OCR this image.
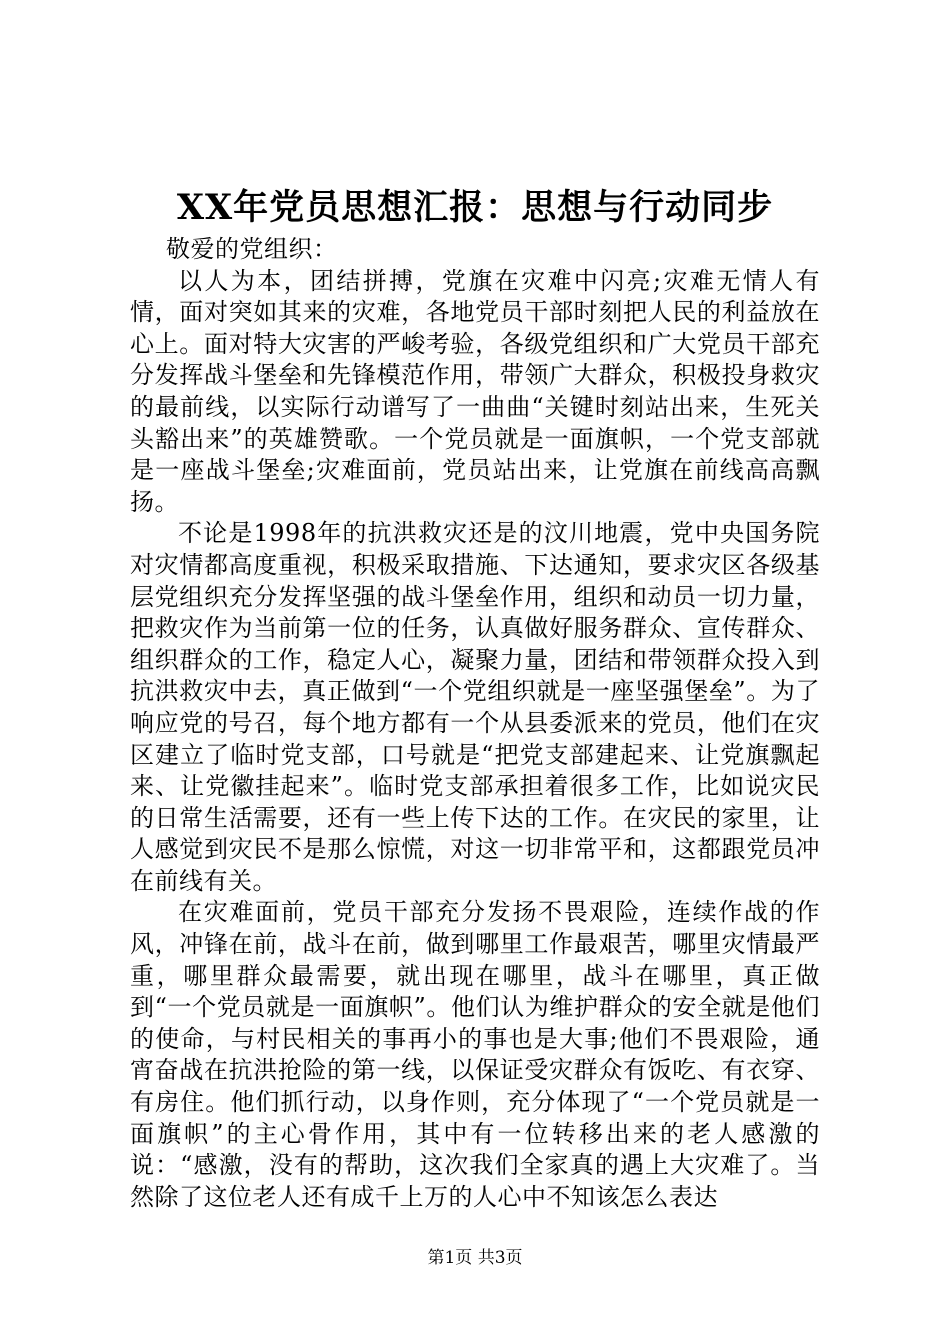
XX年党员思想汇报：思想与行动同步

敬爱的党组织：

以人为本，团结拼搏，党旗在灾难中闪亮;灾难无情人有情，面对突如其来的灾难，各地党员干部时刻把人民的利益放在心上。面对特大灾害的严峻考验，各级党组织和广大党员干部充分发挥战斗堡垒和先锋模范作用，带领广大群众，积极投身救灾的最前线，以实际行动谱写了一曲曲“关键时刻站出来，生死关头豁出来”的英雄赞歌。一个党员就是一面旗帜，一个党支部就是一座战斗堡垒;灾难面前，党员站出来，让党旗在前线高高飘扬。

不论是1998年的抗洪救灾还是的汶川地震，党中央国务院对灾情都高度重视，积极采取措施、下达通知，要求灾区各级基层党组织充分发挥坚强的战斗堡垒作用，组织和动员一切力量，把救灾作为当前第一位的任务，认真做好服务群众、宣传群众、组织群众的工作，稳定人心，凝聚力量，团结和带领群众投入到抗洪救灾中去，真正做到“一个党组织就是一座坚强堡垒”。为了响应党的号召，每个地方都有一个从县委派来的党员，他们在灾区建立了临时党支部，口号就是“把党支部建起来、让党旗飘起来、让党徽挂起来”。临时党支部承担着很多工作，比如说灾民的日常生活需要，还有一些上传下达的工作。在灾民的家里，让人感觉到灾民不是那么惊慌，对这一切非常平和，这都跟党员冲在前线有关。

在灾难面前，党员干部充分发扬不畏艰险，连续作战的作风，冲锋在前，战斗在前，做到哪里工作最艰苦，哪里灾情最严重，哪里群众最需要，就出现在哪里，战斗在哪里，真正做到“一个党员就是一面旗帜”。他们认为维护群众的安全就是他们的使命，与村民相关的事再小的事也是大事;他们不畏艰险，通宵奋战在抗洪抢险的第一线，以保证受灾群众有饭吃、有衣穿、有房住。他们抓行动，以身作则，充分体现了“一个党员就是一面旗帜”的主心骨作用，其中有一位转移出来的老人感激的说：“感激，没有的帮助，这次我们全家真的遇上大灾难了。当然除了这位老人还有成千上万的人心中不知该怎么表达

第1页 共3页
